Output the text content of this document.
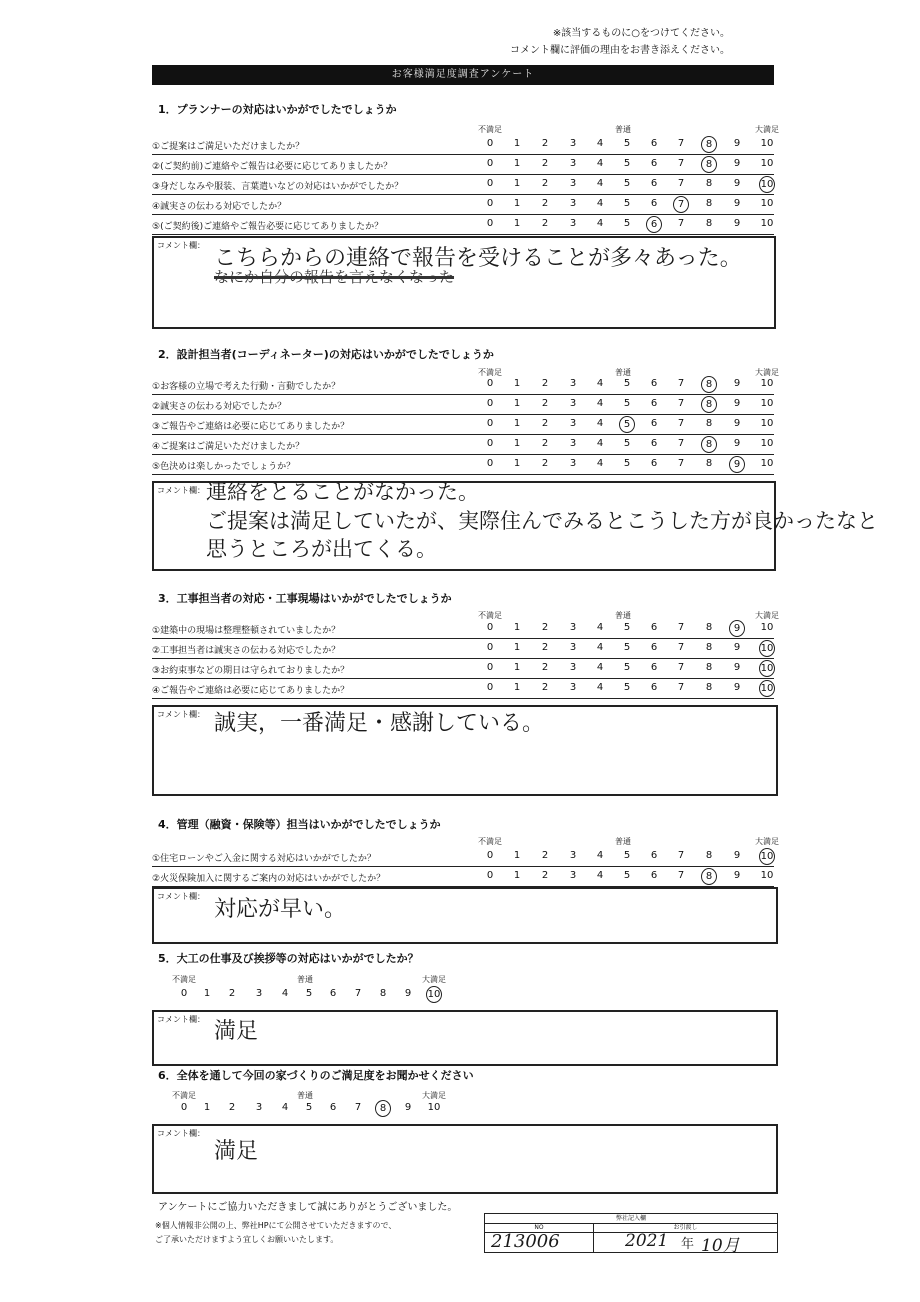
※該当するものに○をつけてください。
コメント欄に評価の理由をお書き添えください。
お客様満足度調査アンケート
1．プランナーの対応はいかがでしたでしょうか
不満足	普通	大満足
①ご提案はご満足いただけましたか？	0	1	2	3	4	5	6	7	8	9	10
②(ご契約前)ご連絡やご報告は必要に応じてありましたか？	0	1	2	3	4	5	6	7	8	9	10
③身だしなみや服装、言葉遣いなどの対応はいかがでしたか？	0	1	2	3	4	5	6	7	8	9	10
④誠実さの伝わる対応でしたか？	0	1	2	3	4	5	6	7	8	9	10
⑤(ご契約後)ご連絡やご報告必要に応じてありましたか？	0	1	2	3	4	5	6	7	8	9	10
コメント欄：
こちらからの連絡で報告を受けることが多々あった。
なにか自分の報告を言えなくなった
2．設計担当者(コーディネーター)の対応はいかがでしたでしょうか
不満足	普通	大満足
①お客様の立場で考えた行動・言動でしたか？	0	1	2	3	4	5	6	7	8	9	10
②誠実さの伝わる対応でしたか？	0	1	2	3	4	5	6	7	8	9	10
③ご報告やご連絡は必要に応じてありましたか？	0	1	2	3	4	5	6	7	8	9	10
④ご提案はご満足いただけましたか？	0	1	2	3	4	5	6	7	8	9	10
⑤色決めは楽しかったでしょうか？	0	1	2	3	4	5	6	7	8	9	10
コメント欄： 連絡をとることがなかった。
ご提案は満足していたが、実際住んでみるとこうした方が良かったなと
思うところが出てくる。
3．工事担当者の対応・工事現場はいかがでしたでしょうか
不満足	普通	大満足
①建築中の現場は整理整頓されていましたか？	0	1	2	3	4	5	6	7	8	9	10
②工事担当者は誠実さの伝わる対応でしたか？	0	1	2	3	4	5	6	7	8	9	10
③お約束事などの期日は守られておりましたか？	0	1	2	3	4	5	6	7	8	9	10
④ご報告やご連絡は必要に応じてありましたか？	0	1	2	3	4	5	6	7	8	9	10
コメント欄： 誠実，一番満足・感謝している。
4．管理（融資・保険等）担当はいかがでしたでしょうか
不満足	普通	大満足
①住宅ローンやご入金に関する対応はいかがでしたか？	0	1	2	3	4	5	6	7	8	9	10
②火災保険加入に関するご案内の対応はいかがでしたか？	0	1	2	3	4	5	6	7	8	9	10
コメント欄：
対応が早い。
5．大工の仕事及び挨拶等の対応はいかがでしたか？
不満足	普通	大満足
0	1	2	3	4	5	6	7	8	9	10
コメント欄： 満足
6．全体を通して今回の家づくりのご満足度をお聞かせください
不満足	普通	大満足
0	1	2	3	4	5	6	7	8	9	10
コメント欄：
満足
アンケートにご協力いただきまして誠にありがとうございました。
※個人情報非公開の上、弊社HPにて公開させていただきますので、
ご了承いただけますよう宜しくお願いいたします。
弊社記入欄
NO	お引渡し
213006	2021 年 10月
